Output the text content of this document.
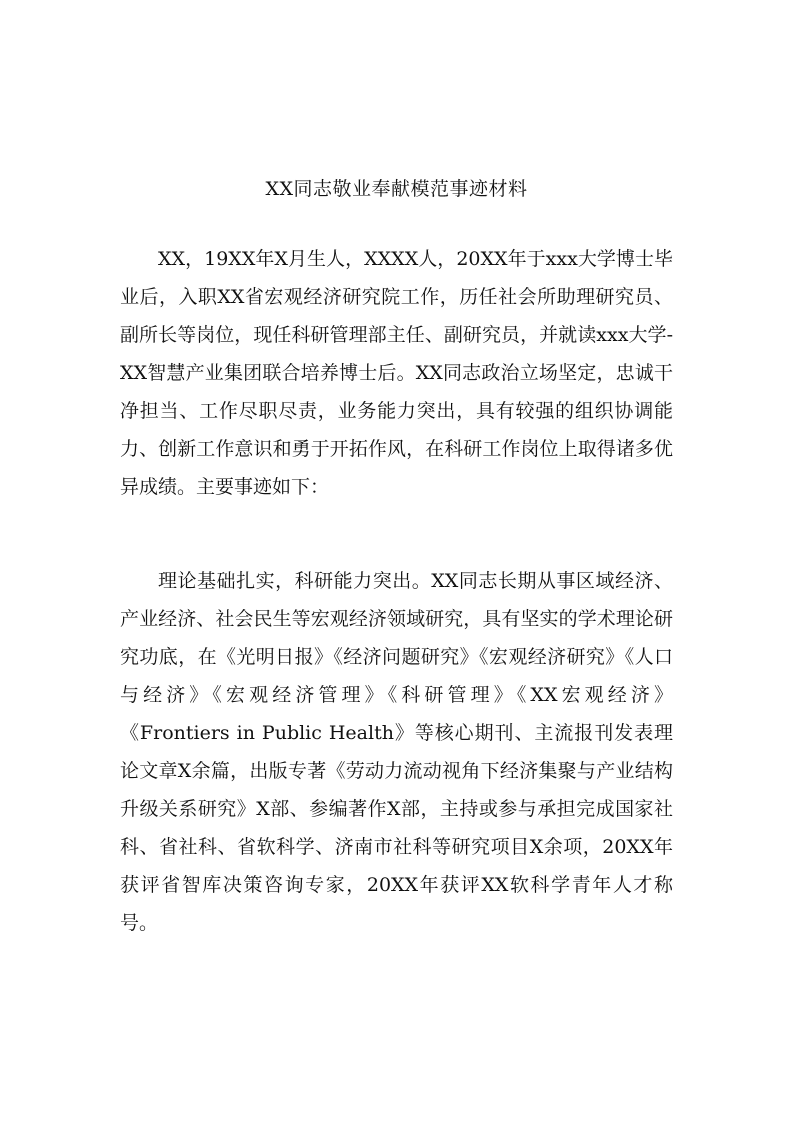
XX同志敬业奉献模范事迹材料

XX，19XX年X月生人，XXXX人，20XX年于xxx大学博士毕业后，入职XX省宏观经济研究院工作，历任社会所助理研究员、副所长等岗位，现任科研管理部主任、副研究员，并就读xxx大学-XX智慧产业集团联合培养博士后。XX同志政治立场坚定，忠诚干净担当、工作尽职尽责，业务能力突出，具有较强的组织协调能力、创新工作意识和勇于开拓作风，在科研工作岗位上取得诸多优异成绩。主要事迹如下：

理论基础扎实，科研能力突出。XX同志长期从事区域经济、产业经济、社会民生等宏观经济领域研究，具有坚实的学术理论研究功底，在《光明日报》《经济问题研究》《宏观经济研究》《人口与经济》《宏观经济管理》《科研管理》《XX宏观经济》《Frontiers in Public Health》等核心期刊、主流报刊发表理论文章X余篇，出版专著《劳动力流动视角下经济集聚与产业结构升级关系研究》X部、参编著作X部，主持或参与承担完成国家社科、省社科、省软科学、济南市社科等研究项目X余项，20XX年获评省智库决策咨询专家，20XX年获评XX软科学青年人才称号。
